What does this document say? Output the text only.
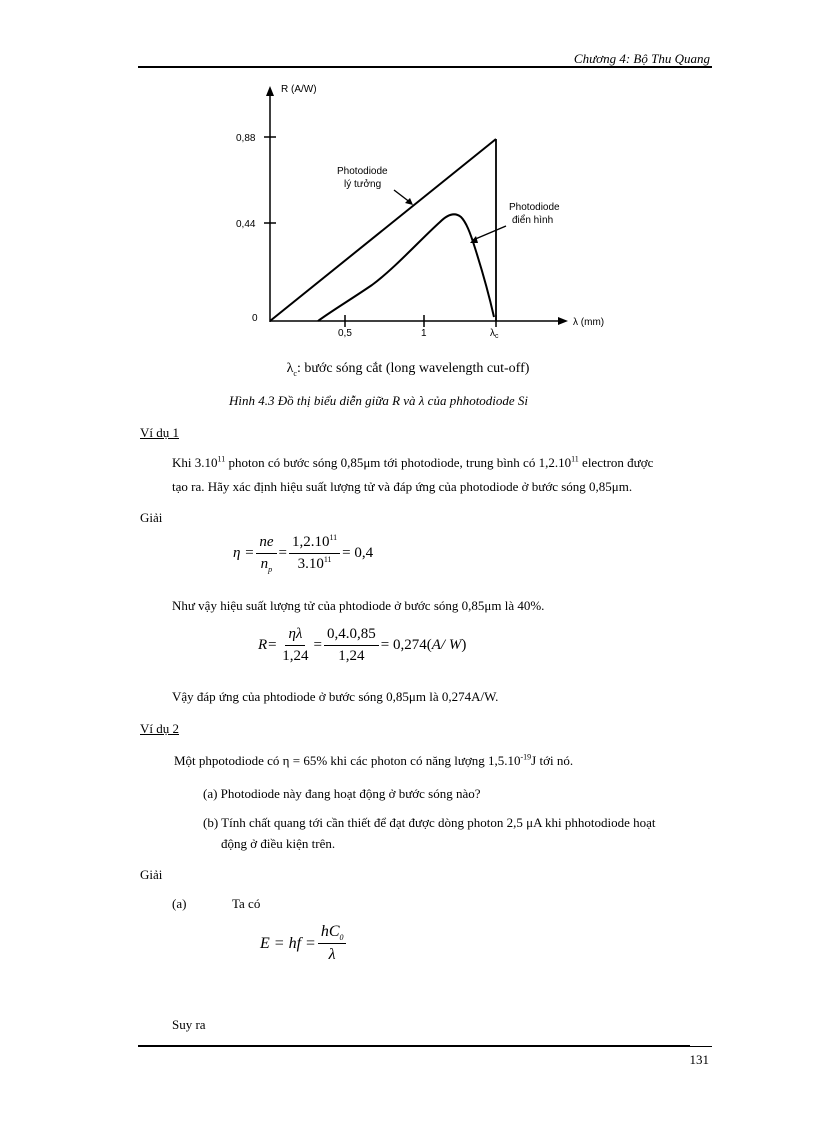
Chương 4: Bộ Thu Quang
R (A/W)
0,88
0,44
0
0,5	1	$\lambda_c$
λ (mm)
Photodiode
lý tưởng
Photodiode
điển hình
$\lambda_c$: bước sóng cắt (long wavelength cut-off)
Hình 4.3 Đồ thị biểu diễn giữa R và λ của phhotodiode Si
Ví dụ 1
Khi 3.10$^{11}$ photon có bước sóng 0,85μm tới photodiode, trung bình có 1,2.10$^{11}$ electron được
tạo ra. Hãy xác định hiệu suất lượng tử và đáp ứng của photodiode ở bước sóng 0,85μm.
Giải
$\eta = \frac{ne}{n_p} = \frac{1,2.10^{11}}{3.10^{11}} = 0,4$
Như vậy hiệu suất lượng tử của phtodiode ở bước sóng 0,85μm là 40%.
$R= \frac{\eta\lambda}{1,24} = \frac{0,4.0,85}{1,24} = 0,274$( A/ W )
Vậy đáp ứng của phtodiode ở bước sóng 0,85μm là 0,274A/W.
Ví dụ 2
Một phpotodiode có η = 65% khi các photon có năng lượng $1,5.10^{-19}J$ tới nó.
(a) Photodiode này đang hoạt động ở bước sóng nào?
(b) Tính chất quang tới cần thiết để đạt được dòng photon 2,5 μA khi phhotodiode hoạt
động ở điều kiện trên.
Giải
(a)	Ta có
E = hf = $\frac{hC_0}{\lambda}$
Suy ra
131
